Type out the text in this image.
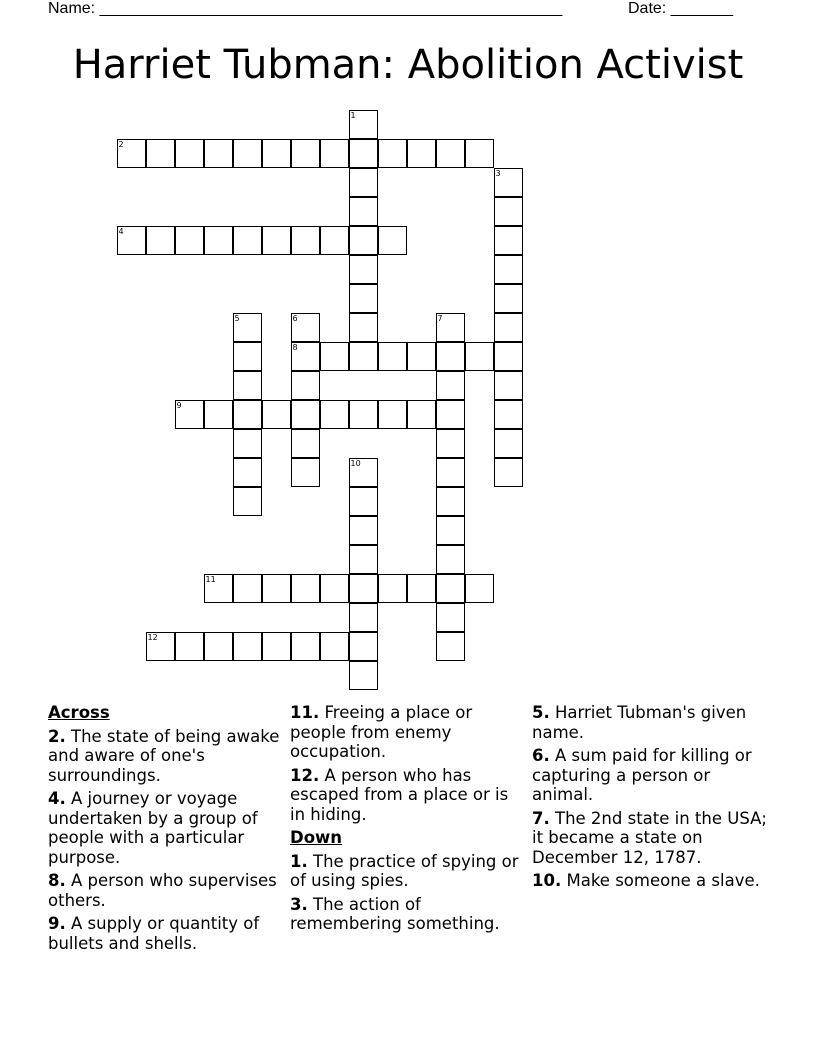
Name: ____________________________________________________	Date: _______
Harriet Tubman: Abolition Activist
1
2
3
4
5	6
8
7
9
10
11
12
Across
2. The state of being awake and aware of one's surroundings.
4. A journey or voyage undertaken by a group of people with a particular purpose.
8. A person who supervises others.
9. A supply or quantity of bullets and shells.
11. Freeing a place or people from enemy occupation.
12. A person who has escaped from a place or is in hiding.
Down
1. The practice of spying or of using spies.
3. The action of remembering something.
5. Harriet Tubman's given name.
6. A sum paid for killing or capturing a person or animal.
7. The 2nd state in the USA; it became a state on December 12, 1787.
10. Make someone a slave.
